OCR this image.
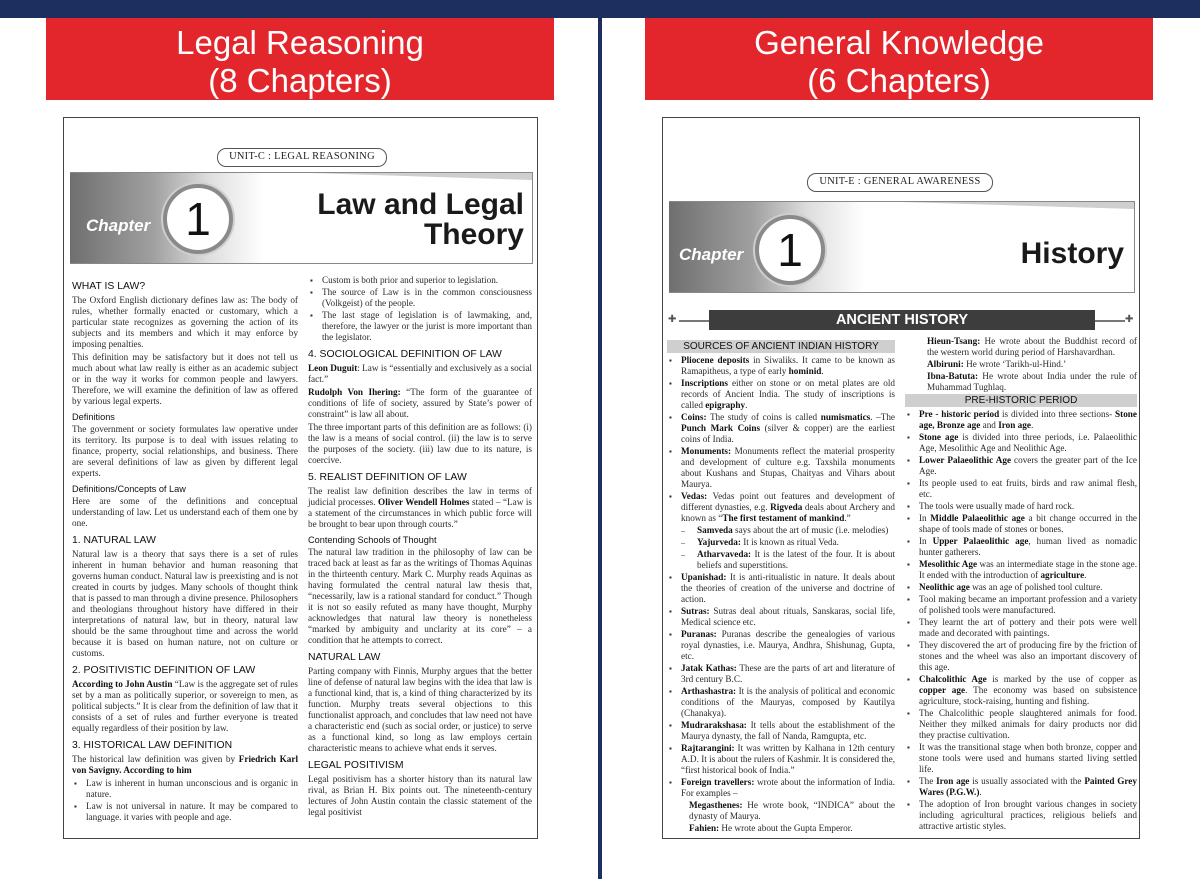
Legal Reasoning
(8 Chapters)
UNIT-C : LEGAL REASONING
Chapter 1	Law and Legal
Theory
WHAT IS LAW?

The Oxford English dictionary defines law as: The body of rules, whether formally enacted or customary, which a particular state recognizes as governing the action of its subjects and its members and which it may enforce by imposing penalties.

This definition may be satisfactory but it does not tell us much about what law really is either as an academic subject or in the way it works for common people and lawyers. Therefore, we will examine the definition of law as offered by various legal experts.

Definitions

The government or society formulates law operative under its territory. Its purpose is to deal with issues relating to finance, property, social relationships, and business. There are several definitions of law as given by different legal experts.

Definitions/Concepts of Law

Here are some of the definitions and conceptual understanding of law. Let us understand each of them one by one.

1. NATURAL LAW

Natural law is a theory that says there is a set of rules inherent in human behavior and human reasoning that governs human conduct. Natural law is preexisting and is not created in courts by judges. Many schools of thought think that is passed to man through a divine presence. Philosophers and theologians throughout history have differed in their interpretations of natural law, but in theory, natural law should be the same throughout time and across the world because it is based on human nature, not on culture or customs.

2. POSITIVISTIC DEFINITION OF LAW

According to John Austin “Law is the aggregate set of rules set by a man as politically superior, or sovereign to men, as political subjects.” It is clear from the definition of law that it consists of a set of rules and further everyone is treated equally regardless of their position by law.

3. HISTORICAL LAW DEFINITION

The historical law definition was given by Friedrich Karl von Savigny. According to him

▪ Law is inherent in human unconscious and is organic in nature.
▪ Law is not universal in nature. It may be compared to language. it varies with people and age.
▪ Custom is both prior and superior to legislation.
▪ The source of Law is in the common consciousness (Volkgeist) of the people.
▪ The last stage of legislation is of lawmaking, and, therefore, the lawyer or the jurist is more important than the legislator.
4. SOCIOLOGICAL DEFINITION OF LAW

Leon Duguit: Law is “essentially and exclusively as a social fact.”

Rudolph Von Ihering: “The form of the guarantee of conditions of life of society, assured by State’s power of constraint” is law all about.

The three important parts of this definition are as follows: (i) the law is a means of social control. (ii) the law is to serve the purposes of the society. (iii) law due to its nature, is coercive.

5. REALIST DEFINITION OF LAW

The realist law definition describes the law in terms of judicial processes. Oliver Wendell Holmes stated – “Law is a statement of the circumstances in which public force will be brought to bear upon through courts.”

Contending Schools of Thought

The natural law tradition in the philosophy of law can be traced back at least as far as the writings of Thomas Aquinas in the thirteenth century. Mark C. Murphy reads Aquinas as having formulated the central natural law thesis that, “necessarily, law is a rational standard for conduct.” Though it is not so easily refuted as many have thought, Murphy acknowledges that natural law theory is nonetheless “marked by ambiguity and unclarity at its core” – a condition that he attempts to correct.

NATURAL LAW

Parting company with Finnis, Murphy argues that the better line of defense of natural law begins with the idea that law is a functional kind, that is, a kind of thing characterized by its function. Murphy treats several objections to this functionalist approach, and concludes that law need not have a characteristic end (such as social order, or justice) to serve as a functional kind, so long as law employs certain characteristic means to achieve what ends it serves.

LEGAL POSITIVISM

Legal positivism has a shorter history than its natural law rival, as Brian H. Bix points out. The nineteenth-century lectures of John Austin contain the classic statement of the legal positivist

General Knowledge
(6 Chapters)
UNIT-E : GENERAL AWARENESS
Chapter 1	History
✚	ANCIENT HISTORY	✚
SOURCES OF ANCIENT INDIAN HISTORY
▪ Pliocene deposits in Siwaliks. It came to be known as Ramapitheus, a type of early hominid.
▪ Inscriptions either on stone or on metal plates are old records of Ancient India. The study of inscriptions is called epigraphy.
▪ Coins: The study of coins is called numismatics. –The Punch Mark Coins (silver & copper) are the earliest coins of India.
▪ Monuments: Monuments reflect the material prosperity and development of culture e.g. Taxshila monuments about Kushans and Stupas, Chaityas and Vihars about Maurya.
▪ Vedas: Vedas point out features and development of different dynasties, e.g. Rigveda deals about Archery and known as “The first testament of mankind.”
– Samveda says about the art of music (i.e. melodies)
– Yajurveda: It is known as ritual Veda.
– Atharvaveda: It is the latest of the four. It is about beliefs and superstitions.
▪ Upanishad: It is anti-ritualistic in nature. It deals about the theories of creation of the universe and doctrine of action.
▪ Sutras: Sutras deal about rituals, Sanskaras, social life, Medical science etc.
▪ Puranas: Puranas describe the genealogies of various royal dynasties, i.e. Maurya, Andhra, Shishunag, Gupta, etc.
▪ Jatak Kathas: These are the parts of art and literature of 3rd century B.C.
▪ Arthashastra: It is the analysis of political and economic conditions of the Mauryas, composed by Kautilya (Chanakya).
▪ Mudrarakshasa: It tells about the establishment of the Maurya dynasty, the fall of Nanda, Ramgupta, etc.
▪ Rajtarangini: It was written by Kalhana in 12th century A.D. It is about the rulers of Kashmir. It is considered the, “first historical book of India.”
▪ Foreign travellers: wrote about the information of India. For examples –
Megasthenes: He wrote book, “INDICA” about the dynasty of Maurya.
Fahien: He wrote about the Gupta Emperor.
Hieun-Tsang: He wrote about the Buddhist record of the western world during period of Harshavardhan.
Albiruni: He wrote ‘Tarikh-ul-Hind.’
Ibna-Batuta: He wrote about India under the rule of Muhammad Tughlaq.
PRE-HISTORIC PERIOD
▪ Pre - historic period is divided into three sections- Stone age, Bronze age and Iron age.
▪ Stone age is divided into three periods, i.e. Palaeolithic Age, Mesolithic Age and Neolithic Age.
▪ Lower Palaeolithic Age covers the greater part of the Ice Age.
▪ Its people used to eat fruits, birds and raw animal flesh, etc.
▪ The tools were usually made of hard rock.
▪ In Middle Palaeolithic age a bit change occurred in the shape of tools made of stones or bones.
▪ In Upper Palaeolithic age, human lived as nomadic hunter gatherers.
▪ Mesolithic Age was an intermediate stage in the stone age. It ended with the introduction of agriculture.
▪ Neolithic age was an age of polished tool culture.
▪ Tool making became an important profession and a variety of polished tools were manufactured.
▪ They learnt the art of pottery and their pots were well made and decorated with paintings.
▪ They discovered the art of producing fire by the friction of stones and the wheel was also an important discovery of this age.
▪ Chalcolithic Age is marked by the use of copper as copper age. The economy was based on subsistence agriculture, stock-raising, hunting and fishing.
▪ The Chalcolithic people slaughtered animals for food. Neither they milked animals for dairy products nor did they practise cultivation.
▪ It was the transitional stage when both bronze, copper and stone tools were used and humans started living settled life.
▪ The Iron age is usually associated with the Painted Grey Wares (P.G.W.).
▪ The adoption of Iron brought various changes in society including agricultural practices, religious beliefs and attractive artistic styles.
